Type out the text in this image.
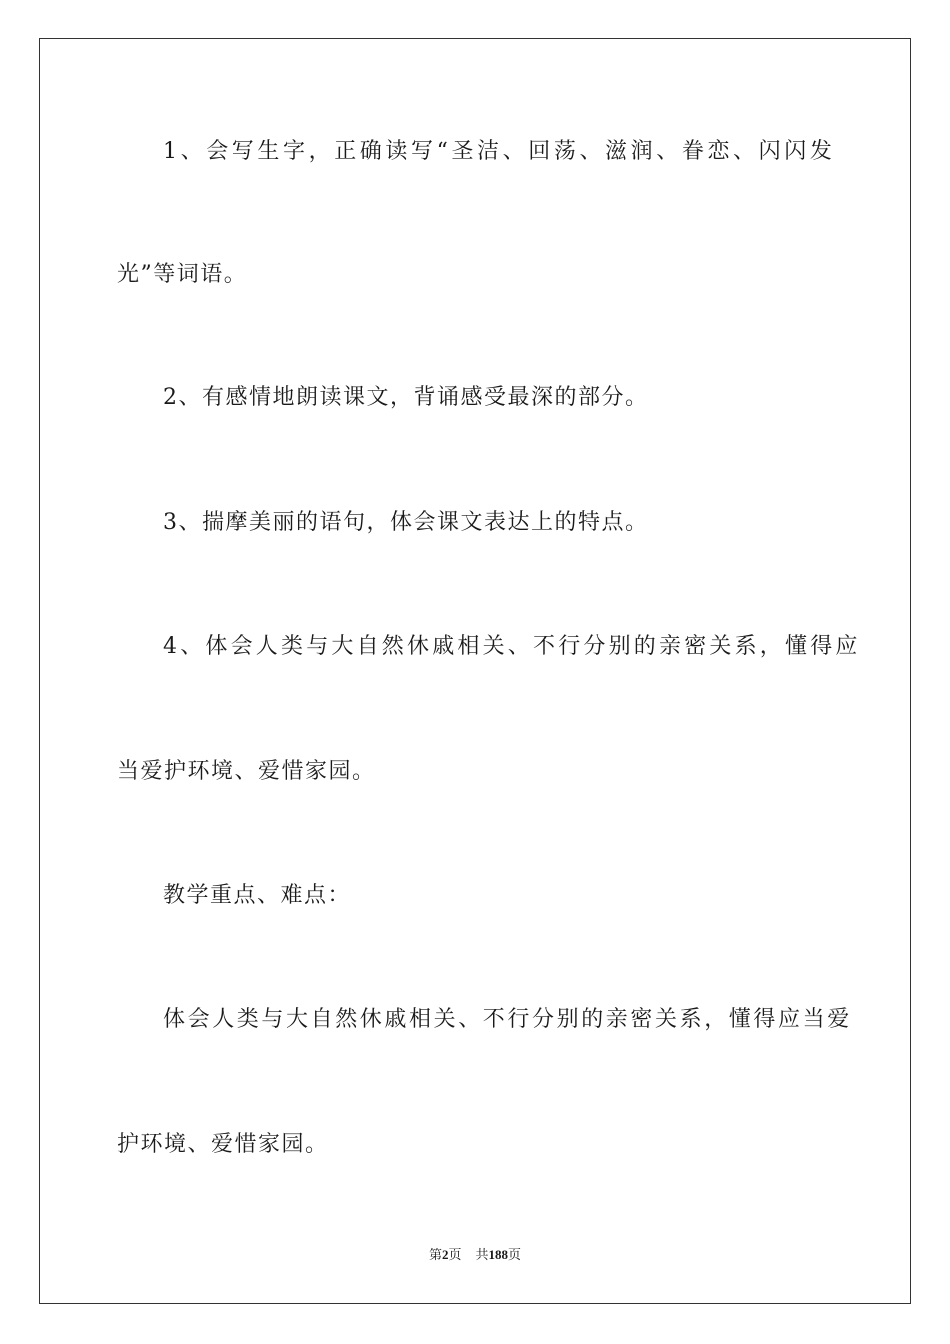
1、会写生字，正确读写“圣洁、回荡、滋润、眷恋、闪闪发
光”等词语。
2、有感情地朗读课文，背诵感受最深的部分。
3、揣摩美丽的语句，体会课文表达上的特点。
4、体会人类与大自然休戚相关、不行分别的亲密关系，懂得应
当爱护环境、爱惜家园。
教学重点、难点：
体会人类与大自然休戚相关、不行分别的亲密关系，懂得应当爱
护环境、爱惜家园。
第2页 共188页
